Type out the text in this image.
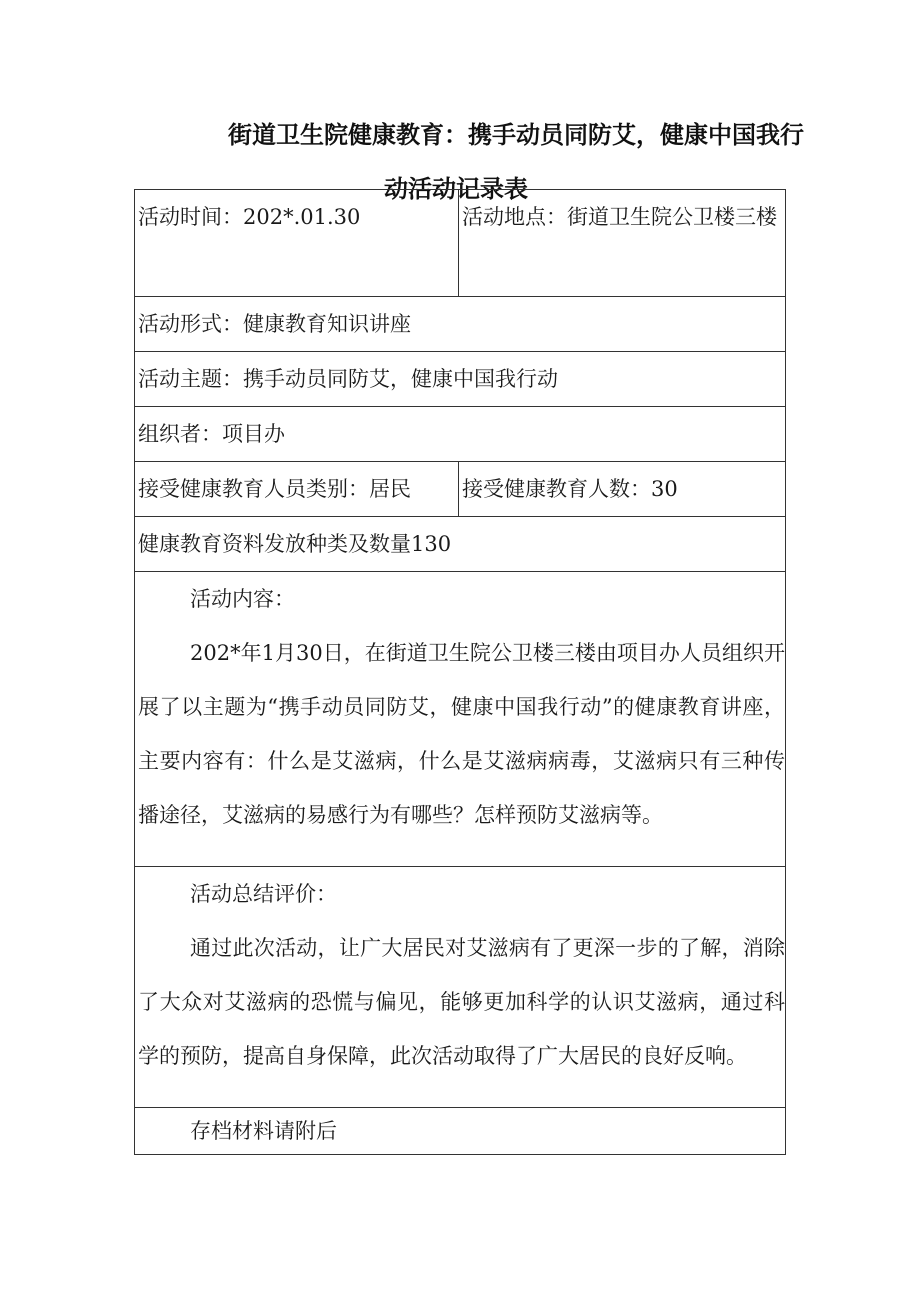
街道卫生院健康教育：携手动员同防艾，健康中国我行
动活动记录表
活动时间：202*.01.30	活动地点：街道卫生院公卫楼三楼
活动形式：健康教育知识讲座	
活动主题：携手动员同防艾，健康中国我行动	
组织者：项目办	
接受健康教育人员类别：居民	接受健康教育人数：30
健康教育资料发放种类及数量130	

活动内容：

202*年1月30日，在街道卫生院公卫楼三楼由项目办人员组织开展了以主题为“携手动员同防艾，健康中国我行动”的健康教育讲座，主要内容有：什么是艾滋病，什么是艾滋病病毒，艾滋病只有三种传播途径，艾滋病的易感行为有哪些？怎样预防艾滋病等。	

活动总结评价：

通过此次活动，让广大居民对艾滋病有了更深一步的了解，消除了大众对艾滋病的恐慌与偏见，能够更加科学的认识艾滋病，通过科学的预防，提高自身保障，此次活动取得了广大居民的良好反响。	

存档材料请附后	
